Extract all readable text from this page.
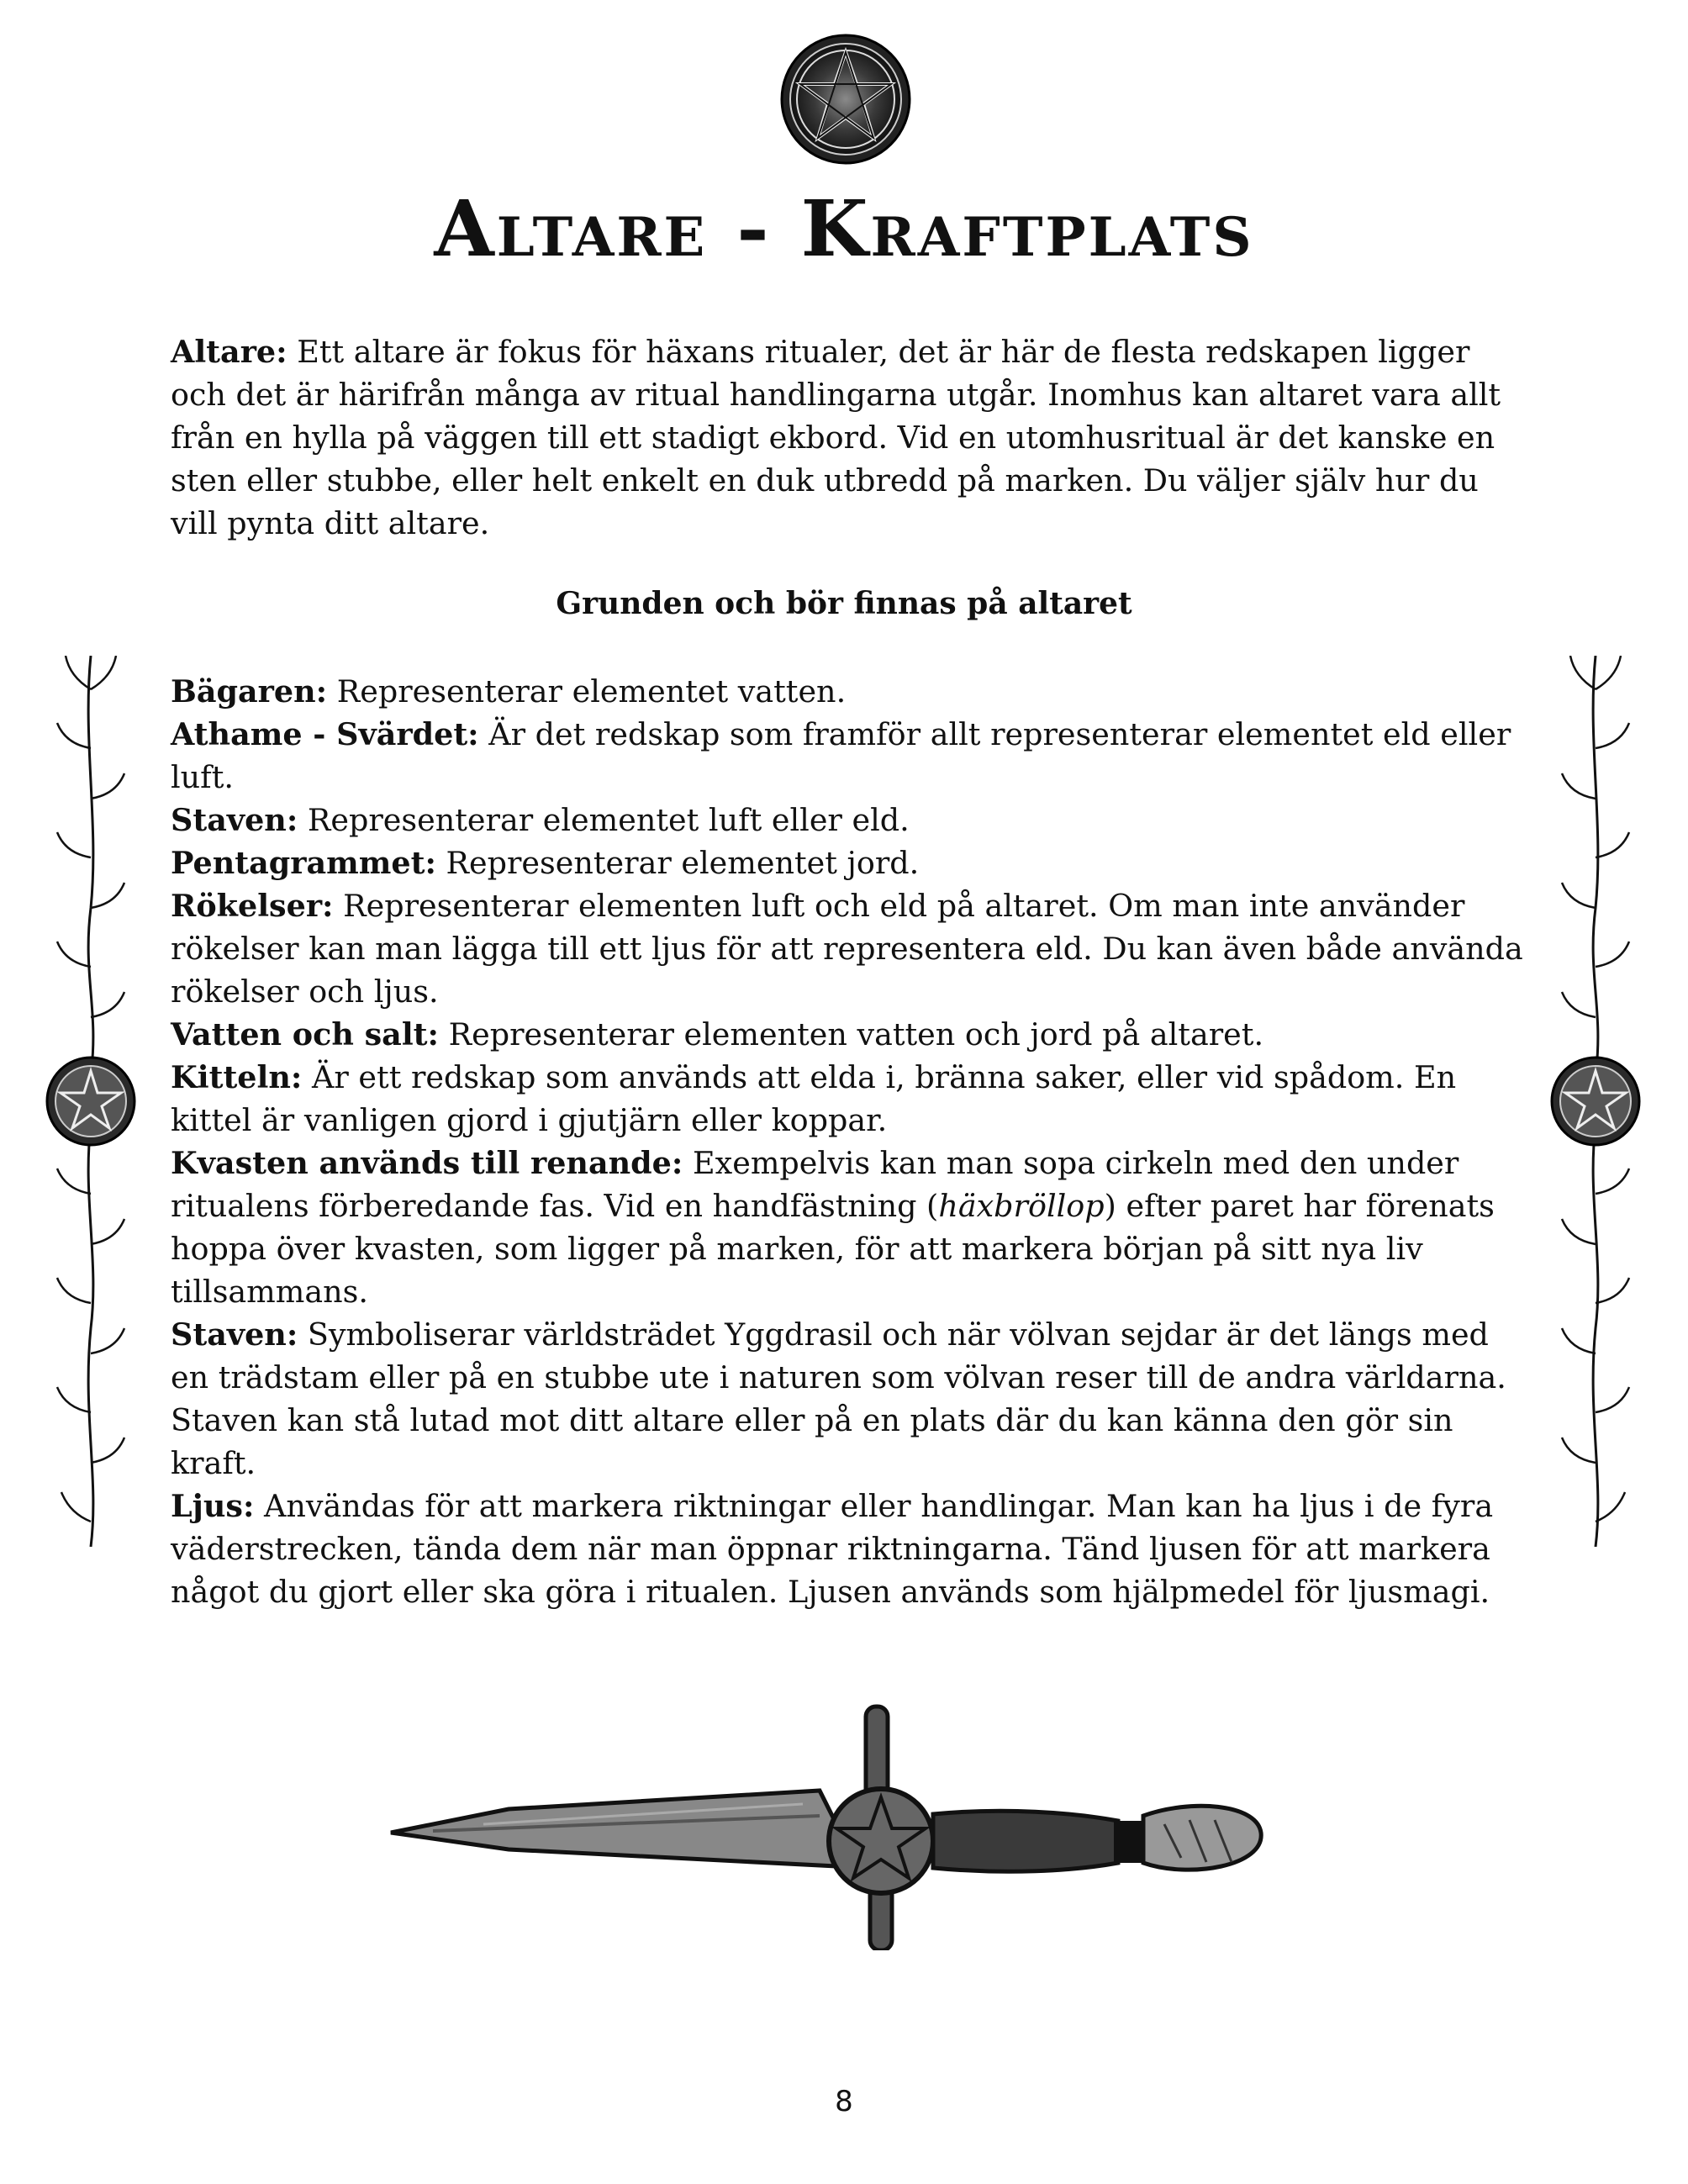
Altare - Kraftplats

Altare: Ett altare är fokus för häxans ritualer, det är här de flesta redskapen ligger och det är härifrån många av ritual handlingarna utgår. Inomhus kan altaret vara allt från en hylla på väggen till ett stadigt ekbord. Vid en utomhusritual är det kanske en sten eller stubbe, eller helt enkelt en duk utbredd på marken. Du väljer själv hur du vill pynta ditt altare.

Grunden och bör finnas på altaret

Bägaren: Representerar elementet vatten.

Athame - Svärdet: Är det redskap som framför allt representerar elementet eld eller luft.

Staven: Representerar elementet luft eller eld.

Pentagrammet: Representerar elementet jord.

Rökelser: Representerar elementen luft och eld på altaret. Om man inte använder rökelser kan man lägga till ett ljus för att representera eld. Du kan även både använda rökelser och ljus.

Vatten och salt: Representerar elementen vatten och jord på altaret.

Kitteln: Är ett redskap som används att elda i, bränna saker, eller vid spådom. En kittel är vanligen gjord i gjutjärn eller koppar.

Kvasten används till renande: Exempelvis kan man sopa cirkeln med den under ritualens förberedande fas. Vid en handfästning (häxbröllop) efter paret har förenats hoppa över kvasten, som ligger på marken, för att markera början på sitt nya liv tillsammans.

Staven: Symboliserar världsträdet Yggdrasil och när völvan sejdar är det längs med en trädstam eller på en stubbe ute i naturen som völvan reser till de andra världarna. Staven kan stå lutad mot ditt altare eller på en plats där du kan känna den gör sin kraft.

Ljus: Användas för att markera riktningar eller handlingar. Man kan ha ljus i de fyra väderstrecken, tända dem när man öppnar riktningarna. Tänd ljusen för att markera något du gjort eller ska göra i ritualen. Ljusen används som hjälpmedel för ljusmagi.

8
